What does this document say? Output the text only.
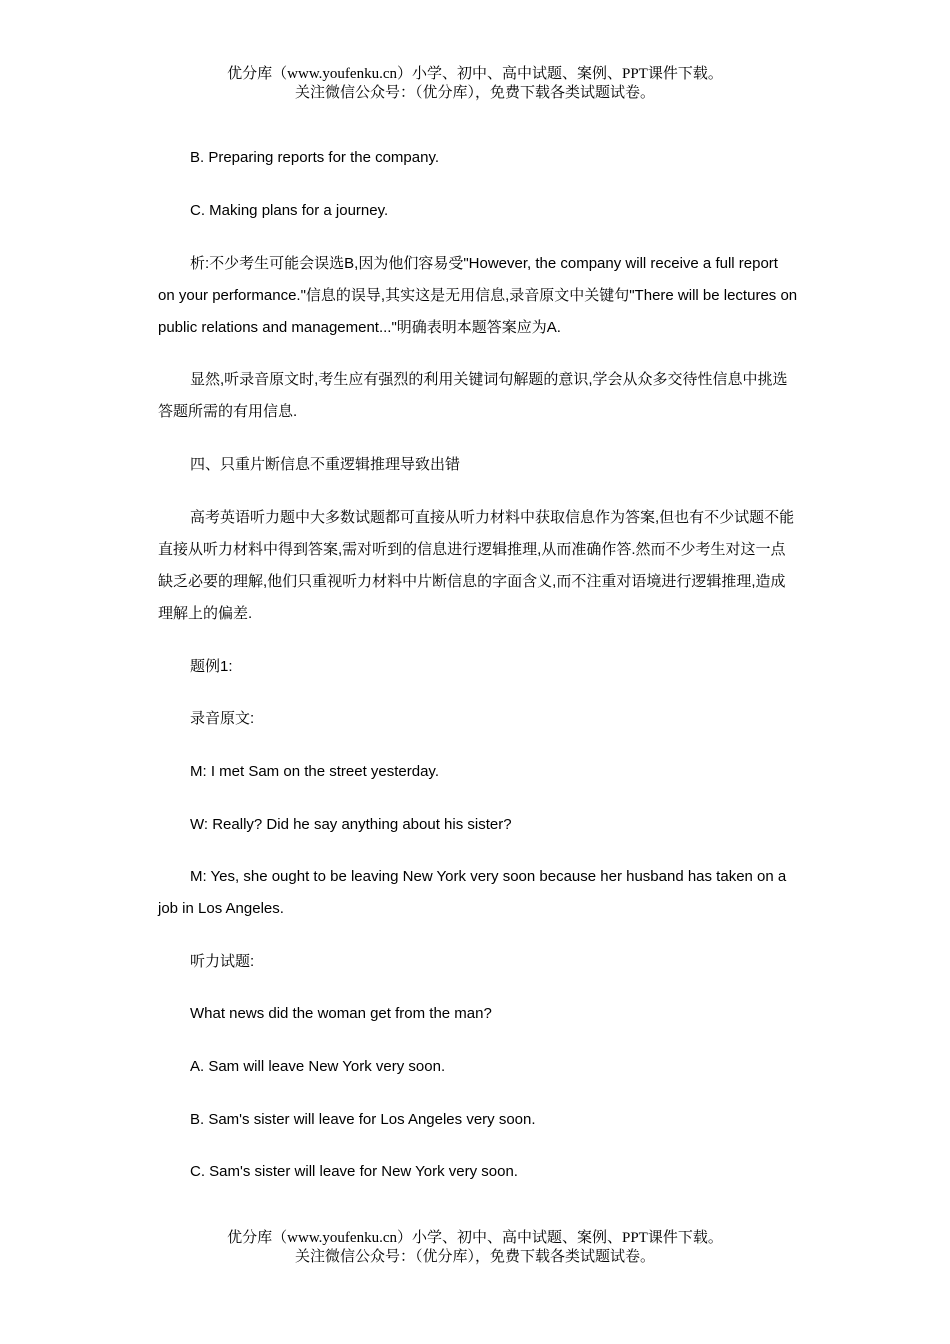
优分库（www.youfenku.cn）小学、初中、高中试题、案例、PPT课件下载。
关注微信公众号：（优分库），免费下载各类试题试卷。

B. Preparing reports for the company.

C. Making plans for a journey.

析:不少考生可能会误选B,因为他们容易受"However, the company will receive a full report on your performance."信息的误导,其实这是无用信息,录音原文中关键句"There will be lectures on public relations and management..."明确表明本题答案应为A.

显然,听录音原文时,考生应有强烈的利用关键词句解题的意识,学会从众多交待性信息中挑选答题所需的有用信息.

四、只重片断信息不重逻辑推理导致出错

高考英语听力题中大多数试题都可直接从听力材料中获取信息作为答案,但也有不少试题不能直接从听力材料中得到答案,需对听到的信息进行逻辑推理,从而准确作答.然而不少考生对这一点缺乏必要的理解,他们只重视听力材料中片断信息的字面含义,而不注重对语境进行逻辑推理,造成理解上的偏差.

题例1:

录音原文:

M: I met Sam on the street yesterday.

W: Really? Did he say anything about his sister?

M: Yes, she ought to be leaving New York very soon because her husband has taken on a job in Los Angeles.

听力试题:

What news did the woman get from the man?

A. Sam will leave New York very soon.

B. Sam's sister will leave for Los Angeles very soon.

C. Sam's sister will leave for New York very soon.

优分库（www.youfenku.cn）小学、初中、高中试题、案例、PPT课件下载。
关注微信公众号：（优分库），免费下载各类试题试卷。
